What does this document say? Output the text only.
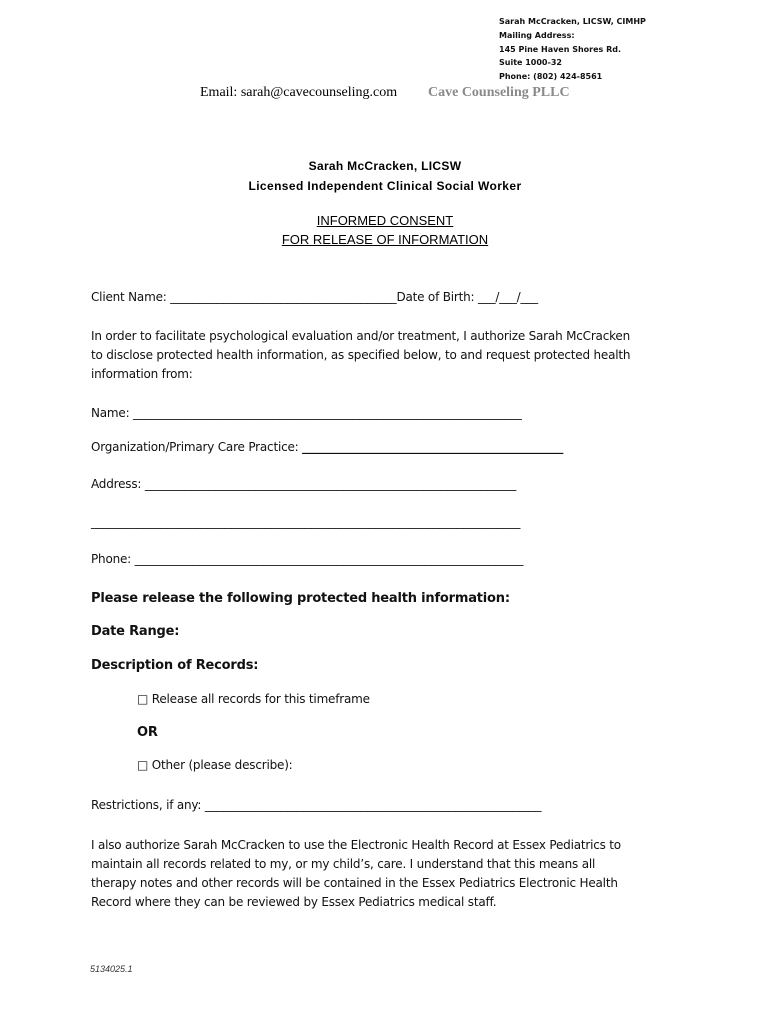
Sarah McCracken, LICSW, CIMHP
Mailing Address:
145 Pine Haven Shores Rd.
Suite 1000-32
Phone: (802) 424-8561
Email: sarah@cavecounseling.com Cave Counseling PLLC
Sarah McCracken, LICSW
Licensed Independent Clinical Social Worker
INFORMED CONSENT
FOR RELEASE OF INFORMATION
Client Name: _______________________________________Date of Birth: ___/___/___
In order to facilitate psychological evaluation and/or treatment, I authorize Sarah McCracken
to disclose protected health information, as specified below, to and request protected health
information from:
Name: ___________________________________________________________________
Organization/Primary Care Practice: _____________________________________________
Address: ________________________________________________________________
__________________________________________________________________________
Phone: ___________________________________________________________________
Please release the following protected health information:
Date Range:
Description of Records:
□ Release all records for this timeframe
OR
□ Other (please describe):
Restrictions, if any: __________________________________________________________
I also authorize Sarah McCracken to use the Electronic Health Record at Essex Pediatrics to
maintain all records related to my, or my child’s, care. I understand that this means all
therapy notes and other records will be contained in the Essex Pediatrics Electronic Health
Record where they can be reviewed by Essex Pediatrics medical staff.
5134025.1
